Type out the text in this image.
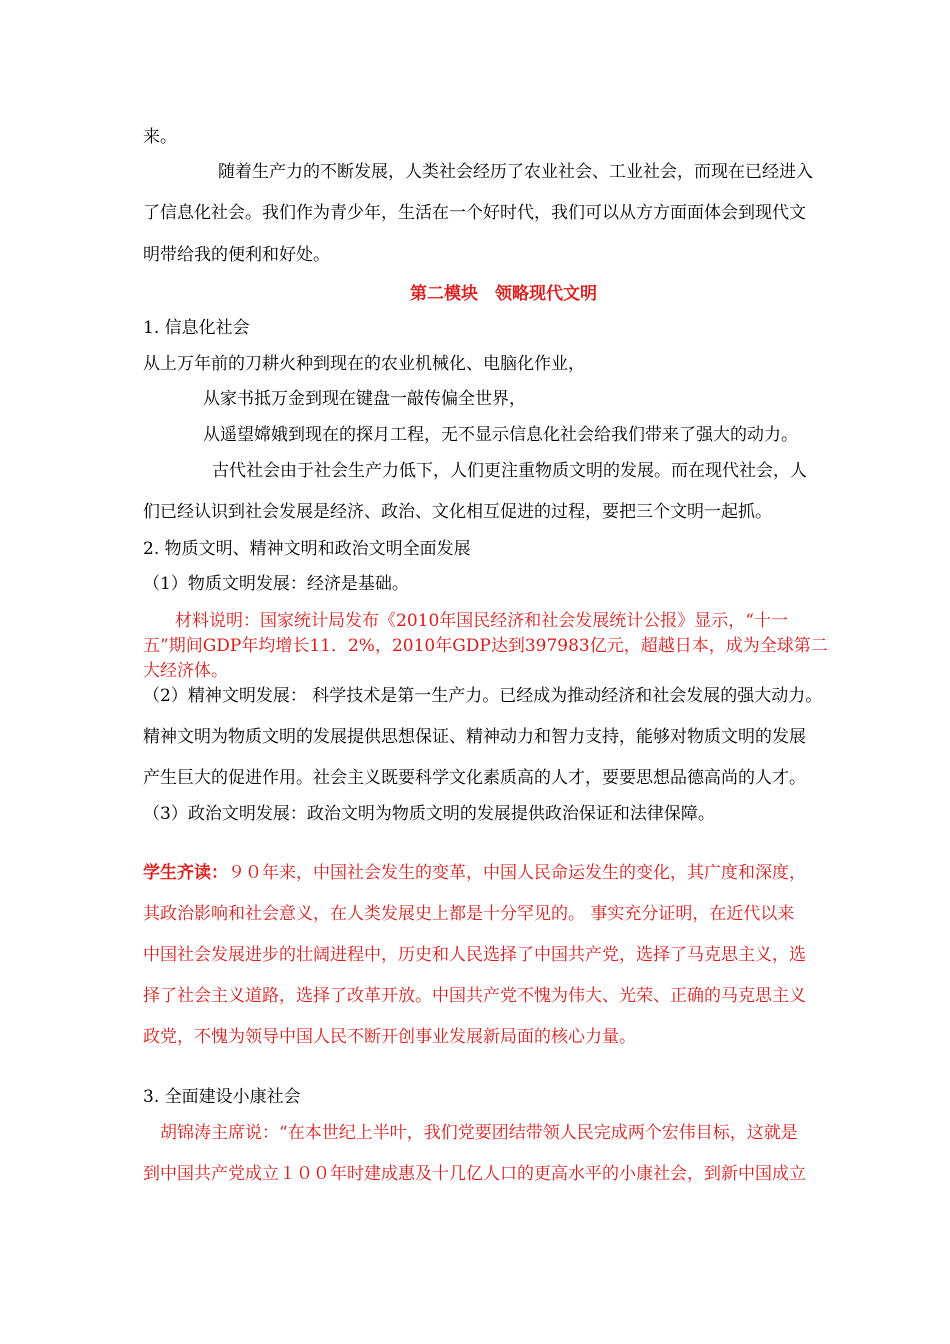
来。
随着生产力的不断发展，人类社会经历了农业社会、工业社会，而现在已经进入
了信息化社会。我们作为青少年，生活在一个好时代，我们可以从方方面面体会到现代文
明带给我的便利和好处。
第二模块　领略现代文明
1. 信息化社会
从上万年前的刀耕火种到现在的农业机械化、电脑化作业，
从家书抵万金到现在键盘一敲传偏全世界，
从遥望嫦娥到现在的探月工程，无不显示信息化社会给我们带来了强大的动力。
古代社会由于社会生产力低下，人们更注重物质文明的发展。而在现代社会，人
们已经认识到社会发展是经济、政治、文化相互促进的过程，要把三个文明一起抓。
2. 物质文明、精神文明和政治文明全面发展
（1）物质文明发展：经济是基础。
材料说明：国家统计局发布《2010年国民经济和社会发展统计公报》显示，“十一
五”期间GDP年均增长11．2%，2010年GDP达到397983亿元，超越日本，成为全球第二
大经济体。
（2）精神文明发展： 科学技术是第一生产力。已经成为推动经济和社会发展的强大动力。
精神文明为物质文明的发展提供思想保证、精神动力和智力支持，能够对物质文明的发展
产生巨大的促进作用。社会主义既要科学文化素质高的人才，要要思想品德高尚的人才。
（3）政治文明发展：政治文明为物质文明的发展提供政治保证和法律保障。
学生齐读：９０年来，中国社会发生的变革，中国人民命运发生的变化，其广度和深度，
其政治影响和社会意义，在人类发展史上都是十分罕见的。 事实充分证明，在近代以来
中国社会发展进步的壮阔进程中，历史和人民选择了中国共产党，选择了马克思主义，选
择了社会主义道路，选择了改革开放。中国共产党不愧为伟大、光荣、正确的马克思主义
政党，不愧为领导中国人民不断开创事业发展新局面的核心力量。
3. 全面建设小康社会
胡锦涛主席说：“在本世纪上半叶，我们党要团结带领人民完成两个宏伟目标，这就是
到中国共产党成立１００年时建成惠及十几亿人口的更高水平的小康社会，到新中国成立
